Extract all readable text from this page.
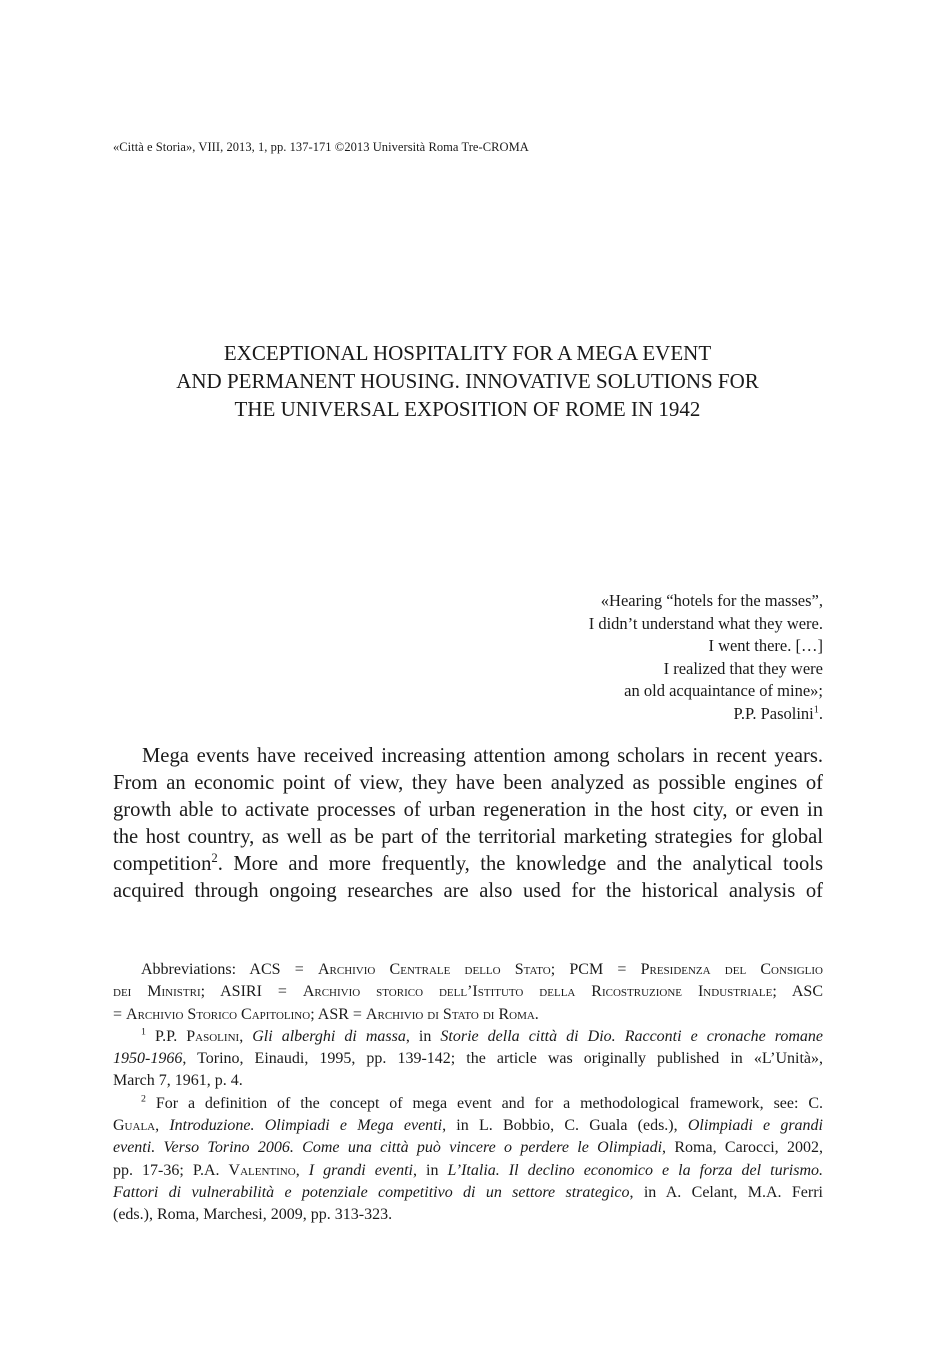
«Città e Storia», VIII, 2013, 1, pp. 137-171 ©2013 Università Roma Tre-CROMA
EXCEPTIONAL HOSPITALITY FOR A MEGA EVENT
AND PERMANENT HOUSING. INNOVATIVE SOLUTIONS FOR
THE UNIVERSAL EXPOSITION OF ROME IN 1942
«Hearing “hotels for the masses”,
I didn’t understand what they were.
I went there. […]
I realized that they were
an old acquaintance of mine»;
P.P. Pasolini$^1$.
Mega events have received increasing attention among scholars in recent years.
From an economic point of view, they have been analyzed as possible engines of
growth able to activate processes of urban regeneration in the host city, or even in
the host country, as well as be part of the territorial marketing strategies for global
competition$^2$. More and more frequently, the knowledge and the analytical tools
acquired through ongoing researches are also used for the historical analysis of
Abbreviations: ACS = Archivio Centrale dello Stato; PCM = Presidenza del Consiglio
dei Ministri; ASIRI = Archivio storico dell’Istituto della Ricostruzione Industriale; ASC
= Archivio Storico Capitolino; ASR = Archivio di Stato di Roma.
$^1$ P.P. Pasolini, Gli alberghi di massa, in Storie della città di Dio. Racconti e cronache romane
1950-1966, Torino, Einaudi, 1995, pp. 139-142; the article was originally published in «L’Unità»,
March 7, 1961, p. 4.
$^2$ For a definition of the concept of mega event and for a methodological framework, see: C.
Guala, Introduzione. Olimpiadi e Mega eventi, in L. Bobbio, C. Guala (eds.), Olimpiadi e grandi
eventi. Verso Torino 2006. Come una città può vincere o perdere le Olimpiadi, Roma, Carocci, 2002,
pp. 17-36; P.A. Valentino, I grandi eventi, in L’Italia. Il declino economico e la forza del turismo.
Fattori di vulnerabilità e potenziale competitivo di un settore strategico, in A. Celant, M.A. Ferri
(eds.), Roma, Marchesi, 2009, pp. 313-323.
